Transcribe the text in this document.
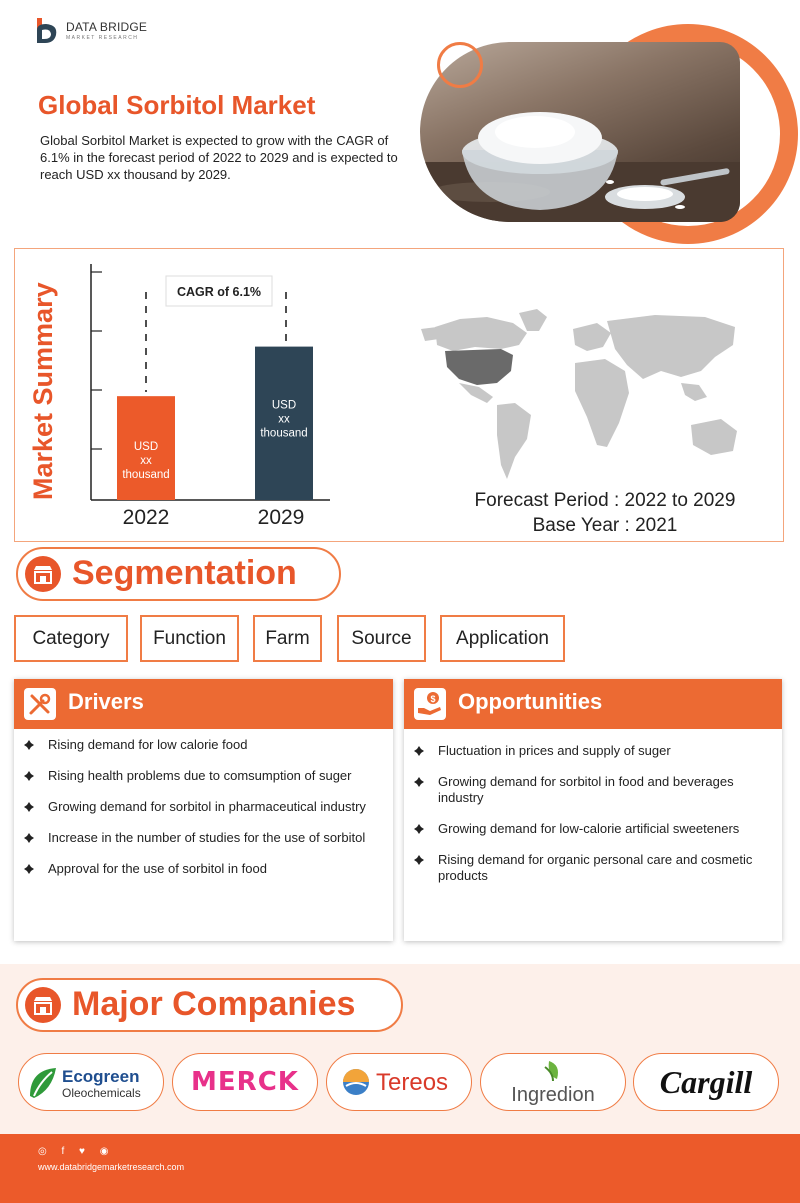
DATA BRIDGE
MARKET RESEARCH
Global Sorbitol Market
Global Sorbitol Market is expected to grow with the CAGR of 6.1% in the forecast period of 2022 to 2029 and is expected to reach USD xx thousand by 2029.
Market Summary	CAGR of 6.1%
USD
xx
thousand
2022
USD
xx
thousand
2029
Forecast Period : 2022 to 2029
Base Year : 2021
Segmentation
Category	Function	Farm	Source	Application
Drivers
Rising demand for low calorie food
Rising health problems due to comsumption of suger
Growing demand for sorbitol in pharmaceutical industry
Increase in the number of studies for the use of sorbitol
Approval for the use of sorbitol in food
$ Opportunities
Fluctuation in prices and supply of suger
Growing demand for sorbitol in food and beverages industry
Growing demand for low-calorie artificial sweeteners
Rising demand for organic personal care and cosmetic products
Major Companies
Ecogreen
Oleochemicals MERCK	Tereos	Ingredion Cargill
◎ f ♥ ◉
www.databridgemarketresearch.com
